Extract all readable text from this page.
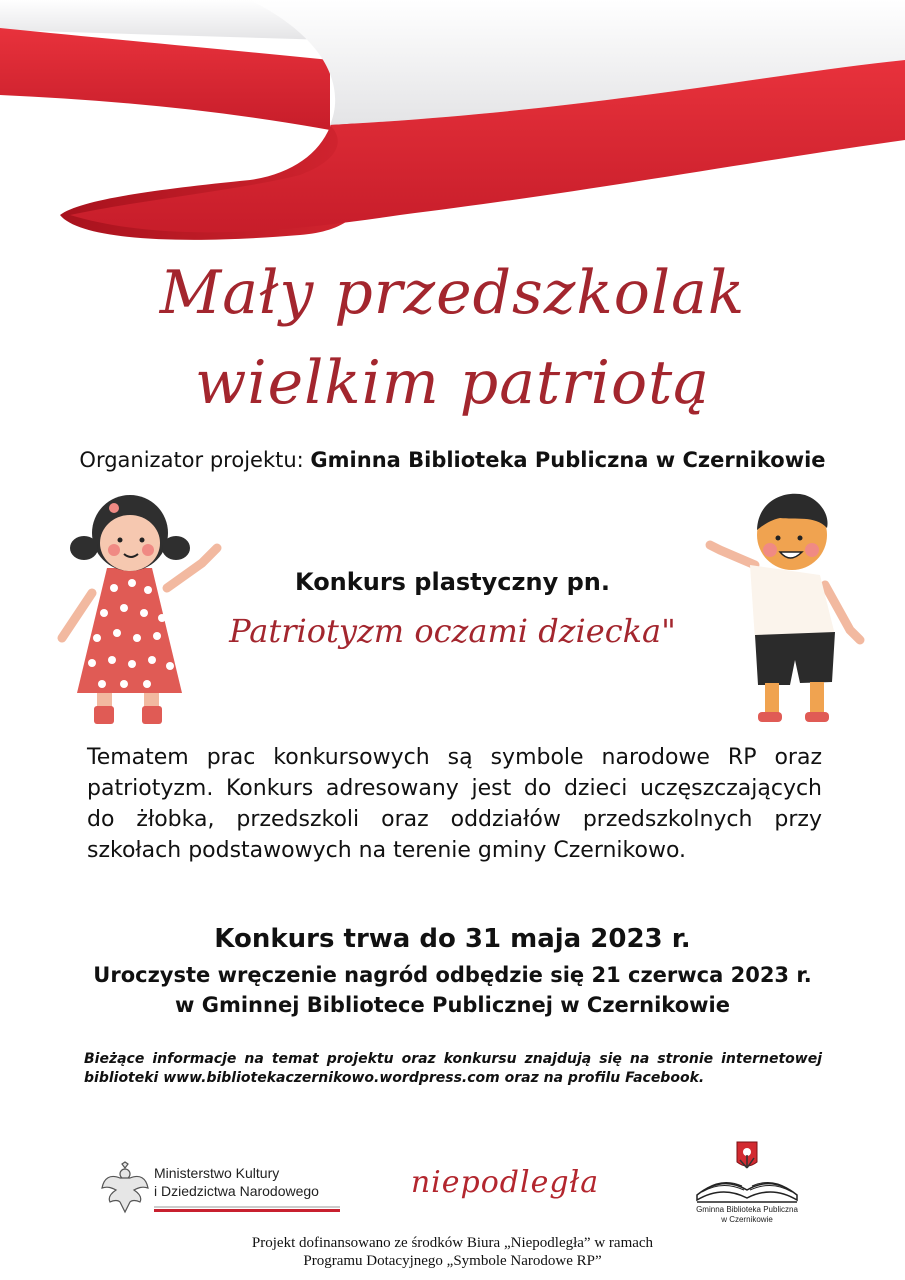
Mały przedszkolak
wielkim patriotą
Organizator projektu: Gminna Biblioteka Publiczna w Czernikowie
Konkurs plastyczny pn.
Patriotyzm oczami dziecka"
Tematem prac konkursowych są symbole narodowe RP oraz patriotyzm. Konkurs adresowany jest do dzieci uczęszczających do żłobka, przedszkoli oraz oddziałów przedszkolnych przy szkołach podstawowych na terenie gminy Czernikowo.
Konkurs trwa do 31 maja 2023 r.
Uroczyste wręczenie nagród odbędzie się 21 czerwca 2023 r.
w Gminnej Bibliotece Publicznej w Czernikowie
Bieżące informacje na temat projektu oraz konkursu znajdują się na stronie internetowej biblioteki www.bibliotekaczernikowo.wordpress.com oraz na profilu Facebook.
Ministerstwo Kultury
i Dziedzictwa Narodowego	niepodległa
Gminna Biblioteka Publiczna
w Czernikowie
Projekt dofinansowano ze środków Biura „Niepodległa” w ramach
Programu Dotacyjnego „Symbole Narodowe RP”
